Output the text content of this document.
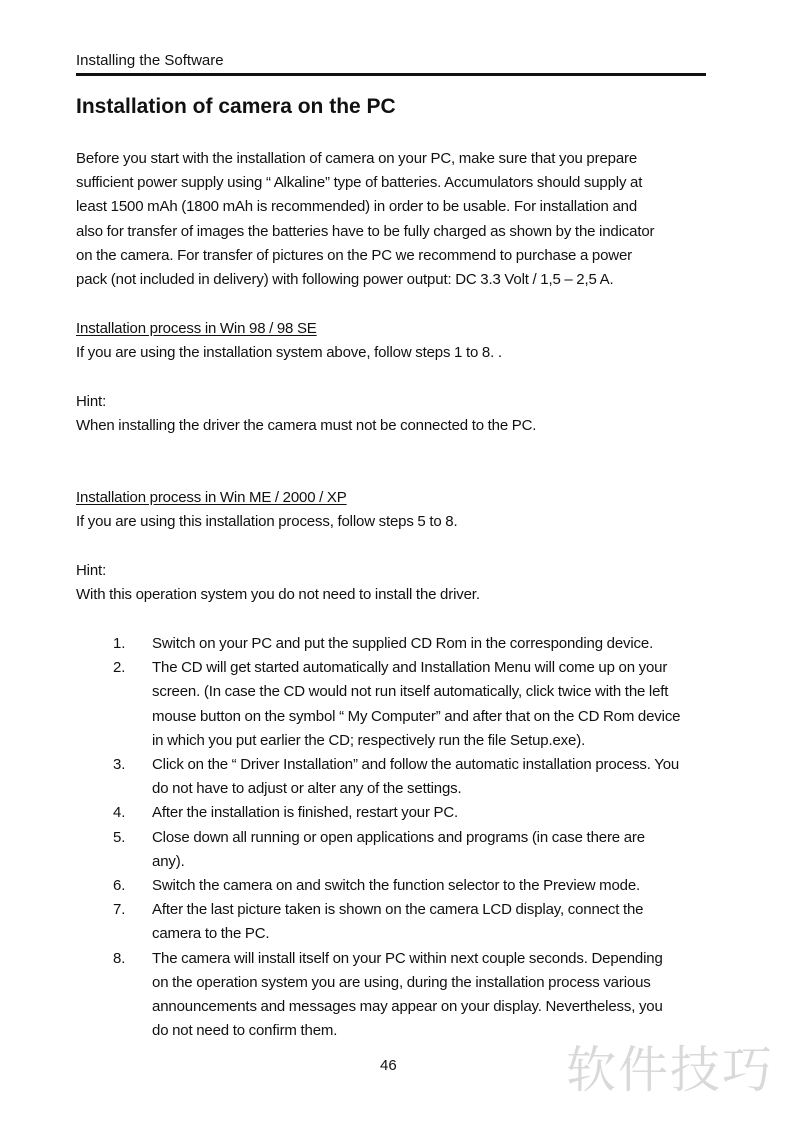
Installing the Software
Installation of camera on the PC

Before you start with the installation of camera on your PC, make sure that you prepare
sufficient power supply using “ Alkaline” type of batteries. Accumulators should supply at
least 1500 mAh (1800 mAh is recommended) in order to be usable. For installation and
also for transfer of images the batteries have to be fully charged as shown by the indicator
on the camera. For transfer of pictures on the PC we recommend to purchase a power
pack (not included in delivery) with following power output: DC 3.3 Volt / 1,5 – 2,5 A.

Installation process in Win 98 / 98 SE
If you are using the installation system above, follow steps 1 to 8. .
Hint:
When installing the driver the camera must not be connected to the PC.
Installation process in Win ME / 2000 / XP
If you are using this installation process, follow steps 5 to 8.
Hint:
With this operation system you do not need to install the driver.
1.	Switch on your PC and put the supplied CD Rom in the corresponding device.
2.	The CD will get started automatically and Installation Menu will come up on your
screen. (In case the CD would not run itself automatically, click twice with the left
mouse button on the symbol “ My Computer” and after that on the CD Rom device
in which you put earlier the CD; respectively run the file Setup.exe).
3.	Click on the “ Driver Installation” and follow the automatic installation process. You
do not have to adjust or alter any of the settings.
4.	After the installation is finished, restart your PC.
5.	Close down all running or open applications and programs (in case there are
any).
6.	Switch the camera on and switch the function selector to the Preview mode.
7.	After the last picture taken is shown on the camera LCD display, connect the
camera to the PC.
8.	The camera will install itself on your PC within next couple seconds. Depending
on the operation system you are using, during the installation process various
announcements and messages may appear on your display. Nevertheless, you
do not need to confirm them.
46	软件技巧
